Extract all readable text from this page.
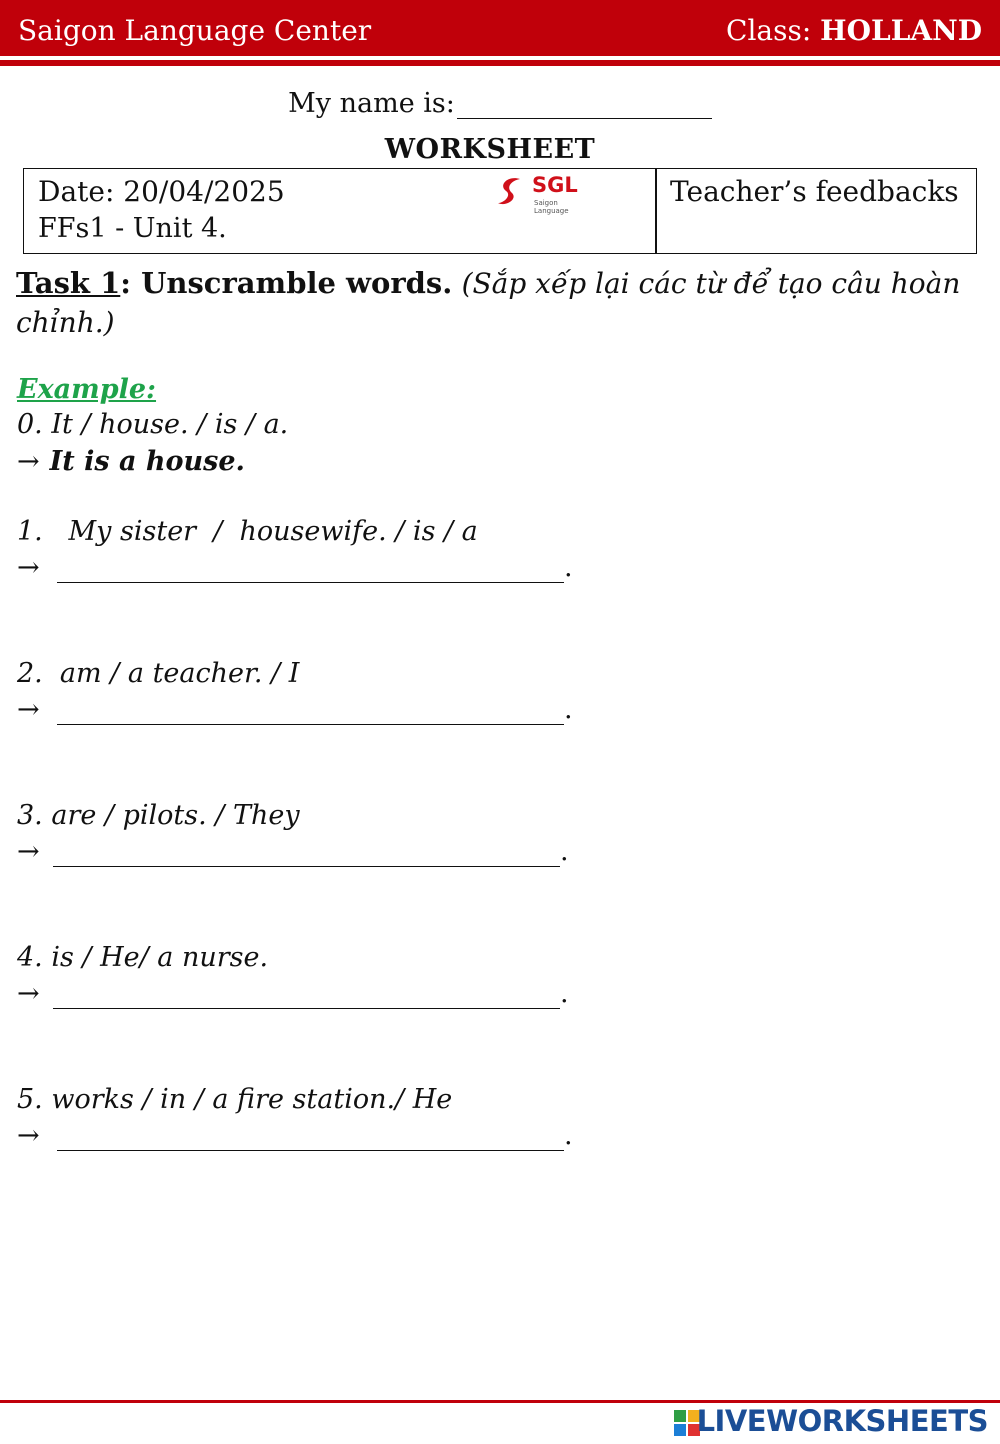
Saigon Language Center	Class: HOLLAND
My name is:
WORKSHEET
Date: 20/04/2025
FFs1 - Unit 4.
SGL
Saigon Language
Teacher’s feedbacks
Task 1: Unscramble words. (Sắp xếp lại các từ để tạo câu hoàn chỉnh.)
Example:
0. It / house. / is / a.
→ It is a house.
1.   My sister  /  housewife. / is / a
→	.
2.  am / a teacher. / I
→	.
3. are / pilots. / They
→	.
4. is / He/ a nurse.
→	.
5. works / in / a fire station./ He
→	.
LIVEWORKSHEETS
